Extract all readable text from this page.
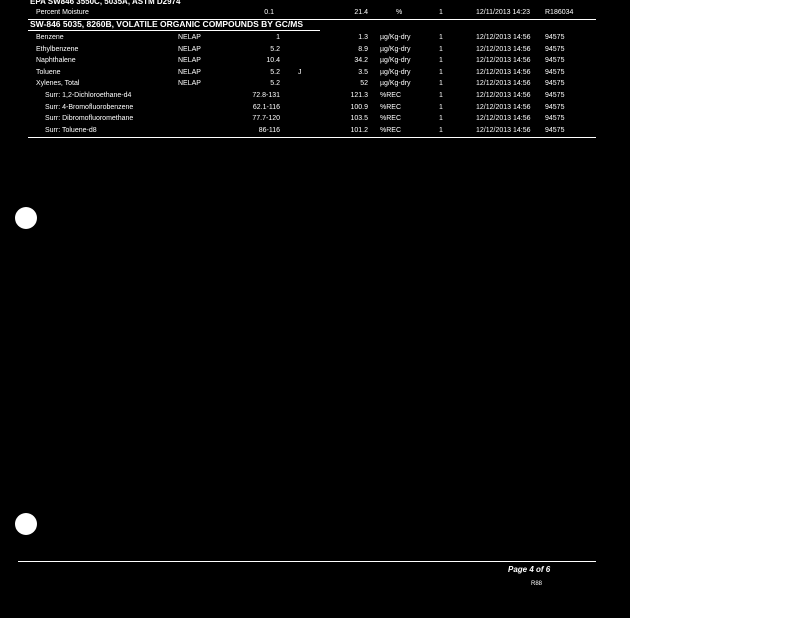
EPA SW846 3550C, 5035A, ASTM D2974
Percent Moisture	0.1	21.4	%	1	12/11/2013 14:23 R186034
SW-846 5035, 8260B, VOLATILE ORGANIC COMPOUNDS BY GC/MS
Benzene	NELAP	1	1.3 µg/Kg-dry	1	12/12/2013 14:56 94575
Ethylbenzene	NELAP	5.2	8.9 µg/Kg-dry	1	12/12/2013 14:56 94575
Naphthalene	NELAP	10.4	34.2 µg/Kg-dry	1	12/12/2013 14:56 94575
Toluene	NELAP	5.2	J	3.5 µg/Kg-dry	1	12/12/2013 14:56 94575
Xylenes, Total	NELAP	5.2	52 µg/Kg-dry	1	12/12/2013 14:56 94575
Surr: 1,2-Dichloroethane-d4	72.8-131	121.3 %REC	1	12/12/2013 14:56 94575
Surr: 4-Bromofluorobenzene	62.1-116	100.9 %REC	1	12/12/2013 14:56 94575
Surr: Dibromofluoromethane	77.7-120	103.5 %REC	1	12/12/2013 14:56 94575
Surr: Toluene-d8	86-116	101.2 %REC	1	12/12/2013 14:56 94575
Page 4 of 6
R88
